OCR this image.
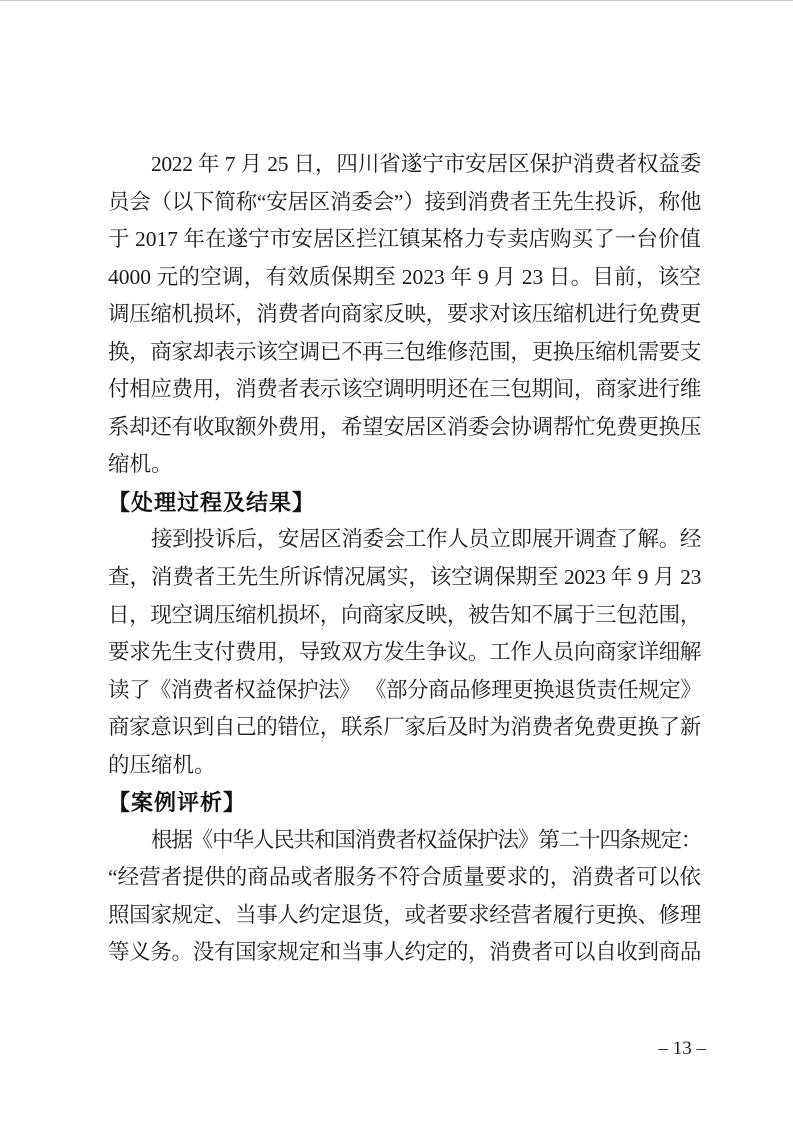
2022 年 7 月 25 日，四川省遂宁市安居区保护消费者权益委
员会（以下简称“安居区消委会”）接到消费者王先生投诉，称他
于 2017 年在遂宁市安居区拦江镇某格力专卖店购买了一台价值
4000 元的空调，有效质保期至 2023 年 9 月 23 日。目前，该空
调压缩机损坏，消费者向商家反映，要求对该压缩机进行免费更
换，商家却表示该空调已不再三包维修范围，更换压缩机需要支
付相应费用，消费者表示该空调明明还在三包期间，商家进行维
系却还有收取额外费用，希望安居区消委会协调帮忙免费更换压
缩机。
【处理过程及结果】
接到投诉后，安居区消委会工作人员立即展开调查了解。经
查，消费者王先生所诉情况属实，该空调保期至 2023 年 9 月 23
日，现空调压缩机损坏，向商家反映，被告知不属于三包范围，
要求先生支付费用，导致双方发生争议。工作人员向商家详细解
读了《消费者权益保护法》 《部分商品修理更换退货责任规定》
商家意识到自己的错位，联系厂家后及时为消费者免费更换了新
的压缩机。
【案例评析】
根据《中华人民共和国消费者权益保护法》第二十四条规定：
“经营者提供的商品或者服务不符合质量要求的，消费者可以依
照国家规定、当事人约定退货，或者要求经营者履行更换、修理
等义务。没有国家规定和当事人约定的，消费者可以自收到商品
– 13 –
